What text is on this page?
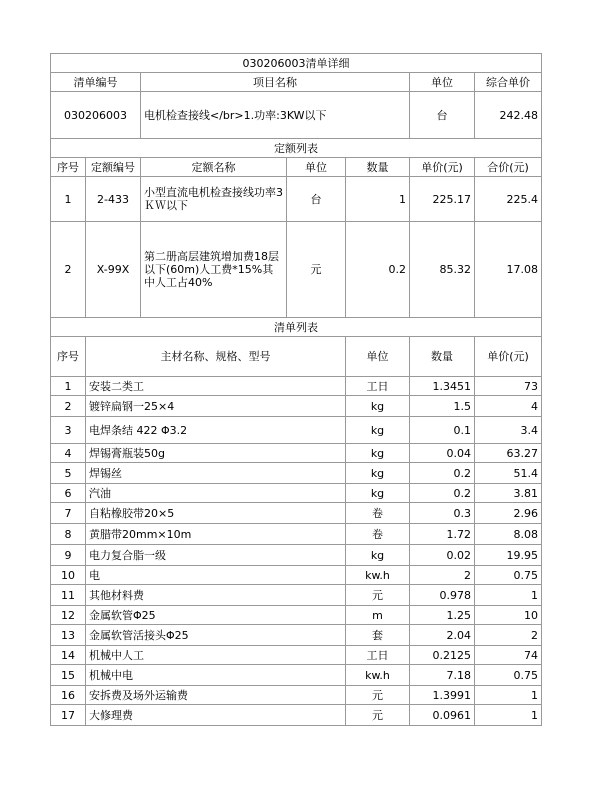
030206003清单详细							
清单编号		项目名称			单位	综合单价	
030206003		电机检查接线</br>1.功率:3KW以下			台	242.48	
定额列表							
序号	定额编号	定额名称	单位	数量	单价(元)	合价(元)	
1	2-433	小型直流电机检查接线功率3ＫＷ以下	台	1	225.17	225.4	
2	X-99X	第二册高层建筑增加费18层以下(60m)人工费*15%其中人工占40%	元	0.2	85.32	17.08	
清单列表							
序号	主材名称、规格、型号			单位	数量	单价(元)	
1	安装二类工			工日	1.3451	73	
2	镀锌扁钢一25×4			kg	1.5	4	
3	电焊条结 422 Φ3.2			kg	0.1	3.4	
4	焊锡膏瓶装50g			kg	0.04	63.27	
5	焊锡丝			kg	0.2	51.4	
6	汽油			kg	0.2	3.81	
7	自粘橡胶带20×5			卷	0.3	2.96	
8	黄腊带20mm×10m			卷	1.72	8.08	
9	电力复合脂一级			kg	0.02	19.95	
10	电			kw.h	2	0.75	
11	其他材料费			元	0.978	1	
12	金属软管Φ25			m	1.25	10	
13	金属软管活接头Φ25			套	2.04	2	
14	机械中人工			工日	0.2125	74	
15	机械中电			kw.h	7.18	0.75	
16	安拆费及场外运输费			元	1.3991	1	
17	大修理费			元	0.0961	1	
